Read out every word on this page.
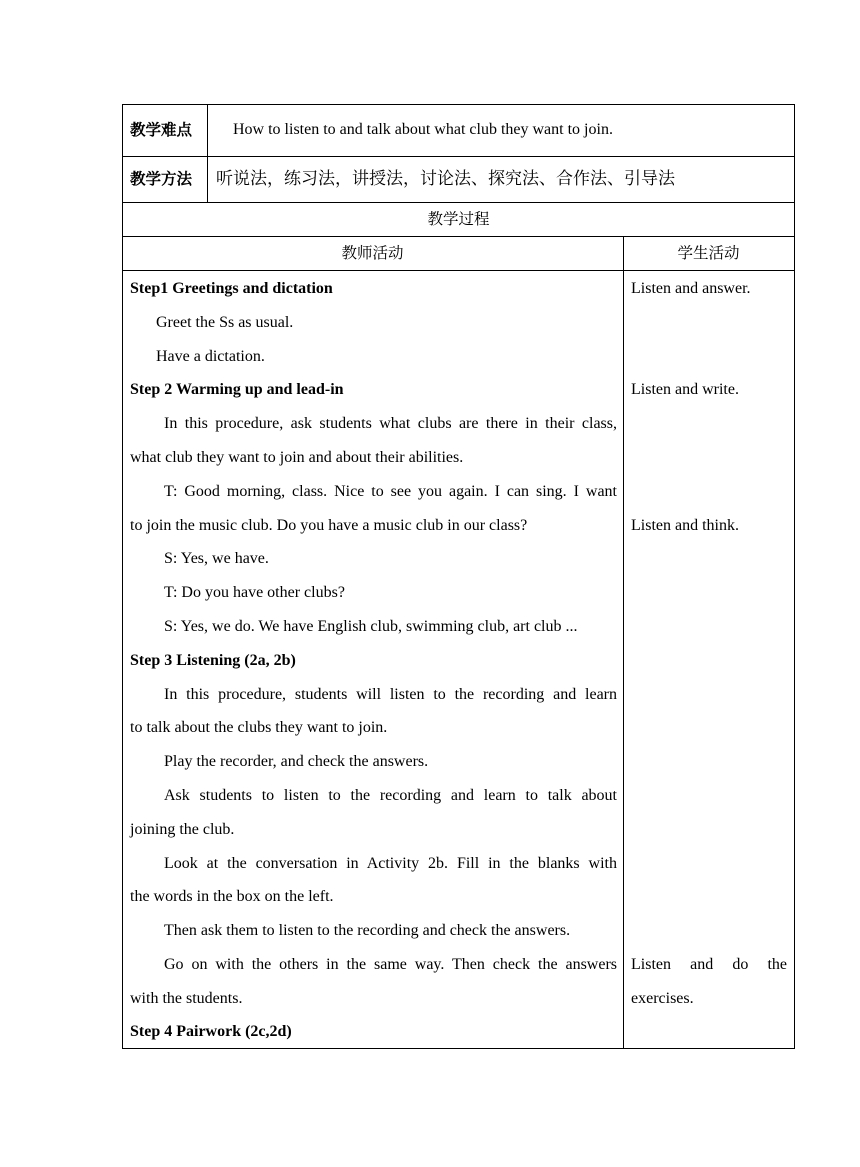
教学难点	How to listen to and talk about what club they want to join.
教学方法 听说法，练习法，讲授法，讨论法、探究法、合作法、引导法
教学过程
教师活动	学生活动
Step1 Greetings and dictation
Greet the Ss as usual.
Have a dictation.
Step 2 Warming up and lead-in
In this procedure, ask students what clubs are there in their class,
what club they want to join and about their abilities.
T: Good morning, class. Nice to see you again. I can sing. I want
to join the music club. Do you have a music club in our class?
S: Yes, we have.
T: Do you have other clubs?
S: Yes, we do. We have English club, swimming club, art club ...
Step 3 Listening (2a, 2b)
In this procedure, students will listen to the recording and learn
to talk about the clubs they want to join.
Play the recorder, and check the answers.
Ask students to listen to the recording and learn to talk about
joining the club.
Look at the conversation in Activity 2b. Fill in the blanks with
the words in the box on the left.
Then ask them to listen to the recording and check the answers.
Go on with the others in the same way. Then check the answers
with the students.
Step 4 Pairwork (2c,2d)
Listen and answer.
Listen and write.
Listen and think.
Listen and do the
exercises.
